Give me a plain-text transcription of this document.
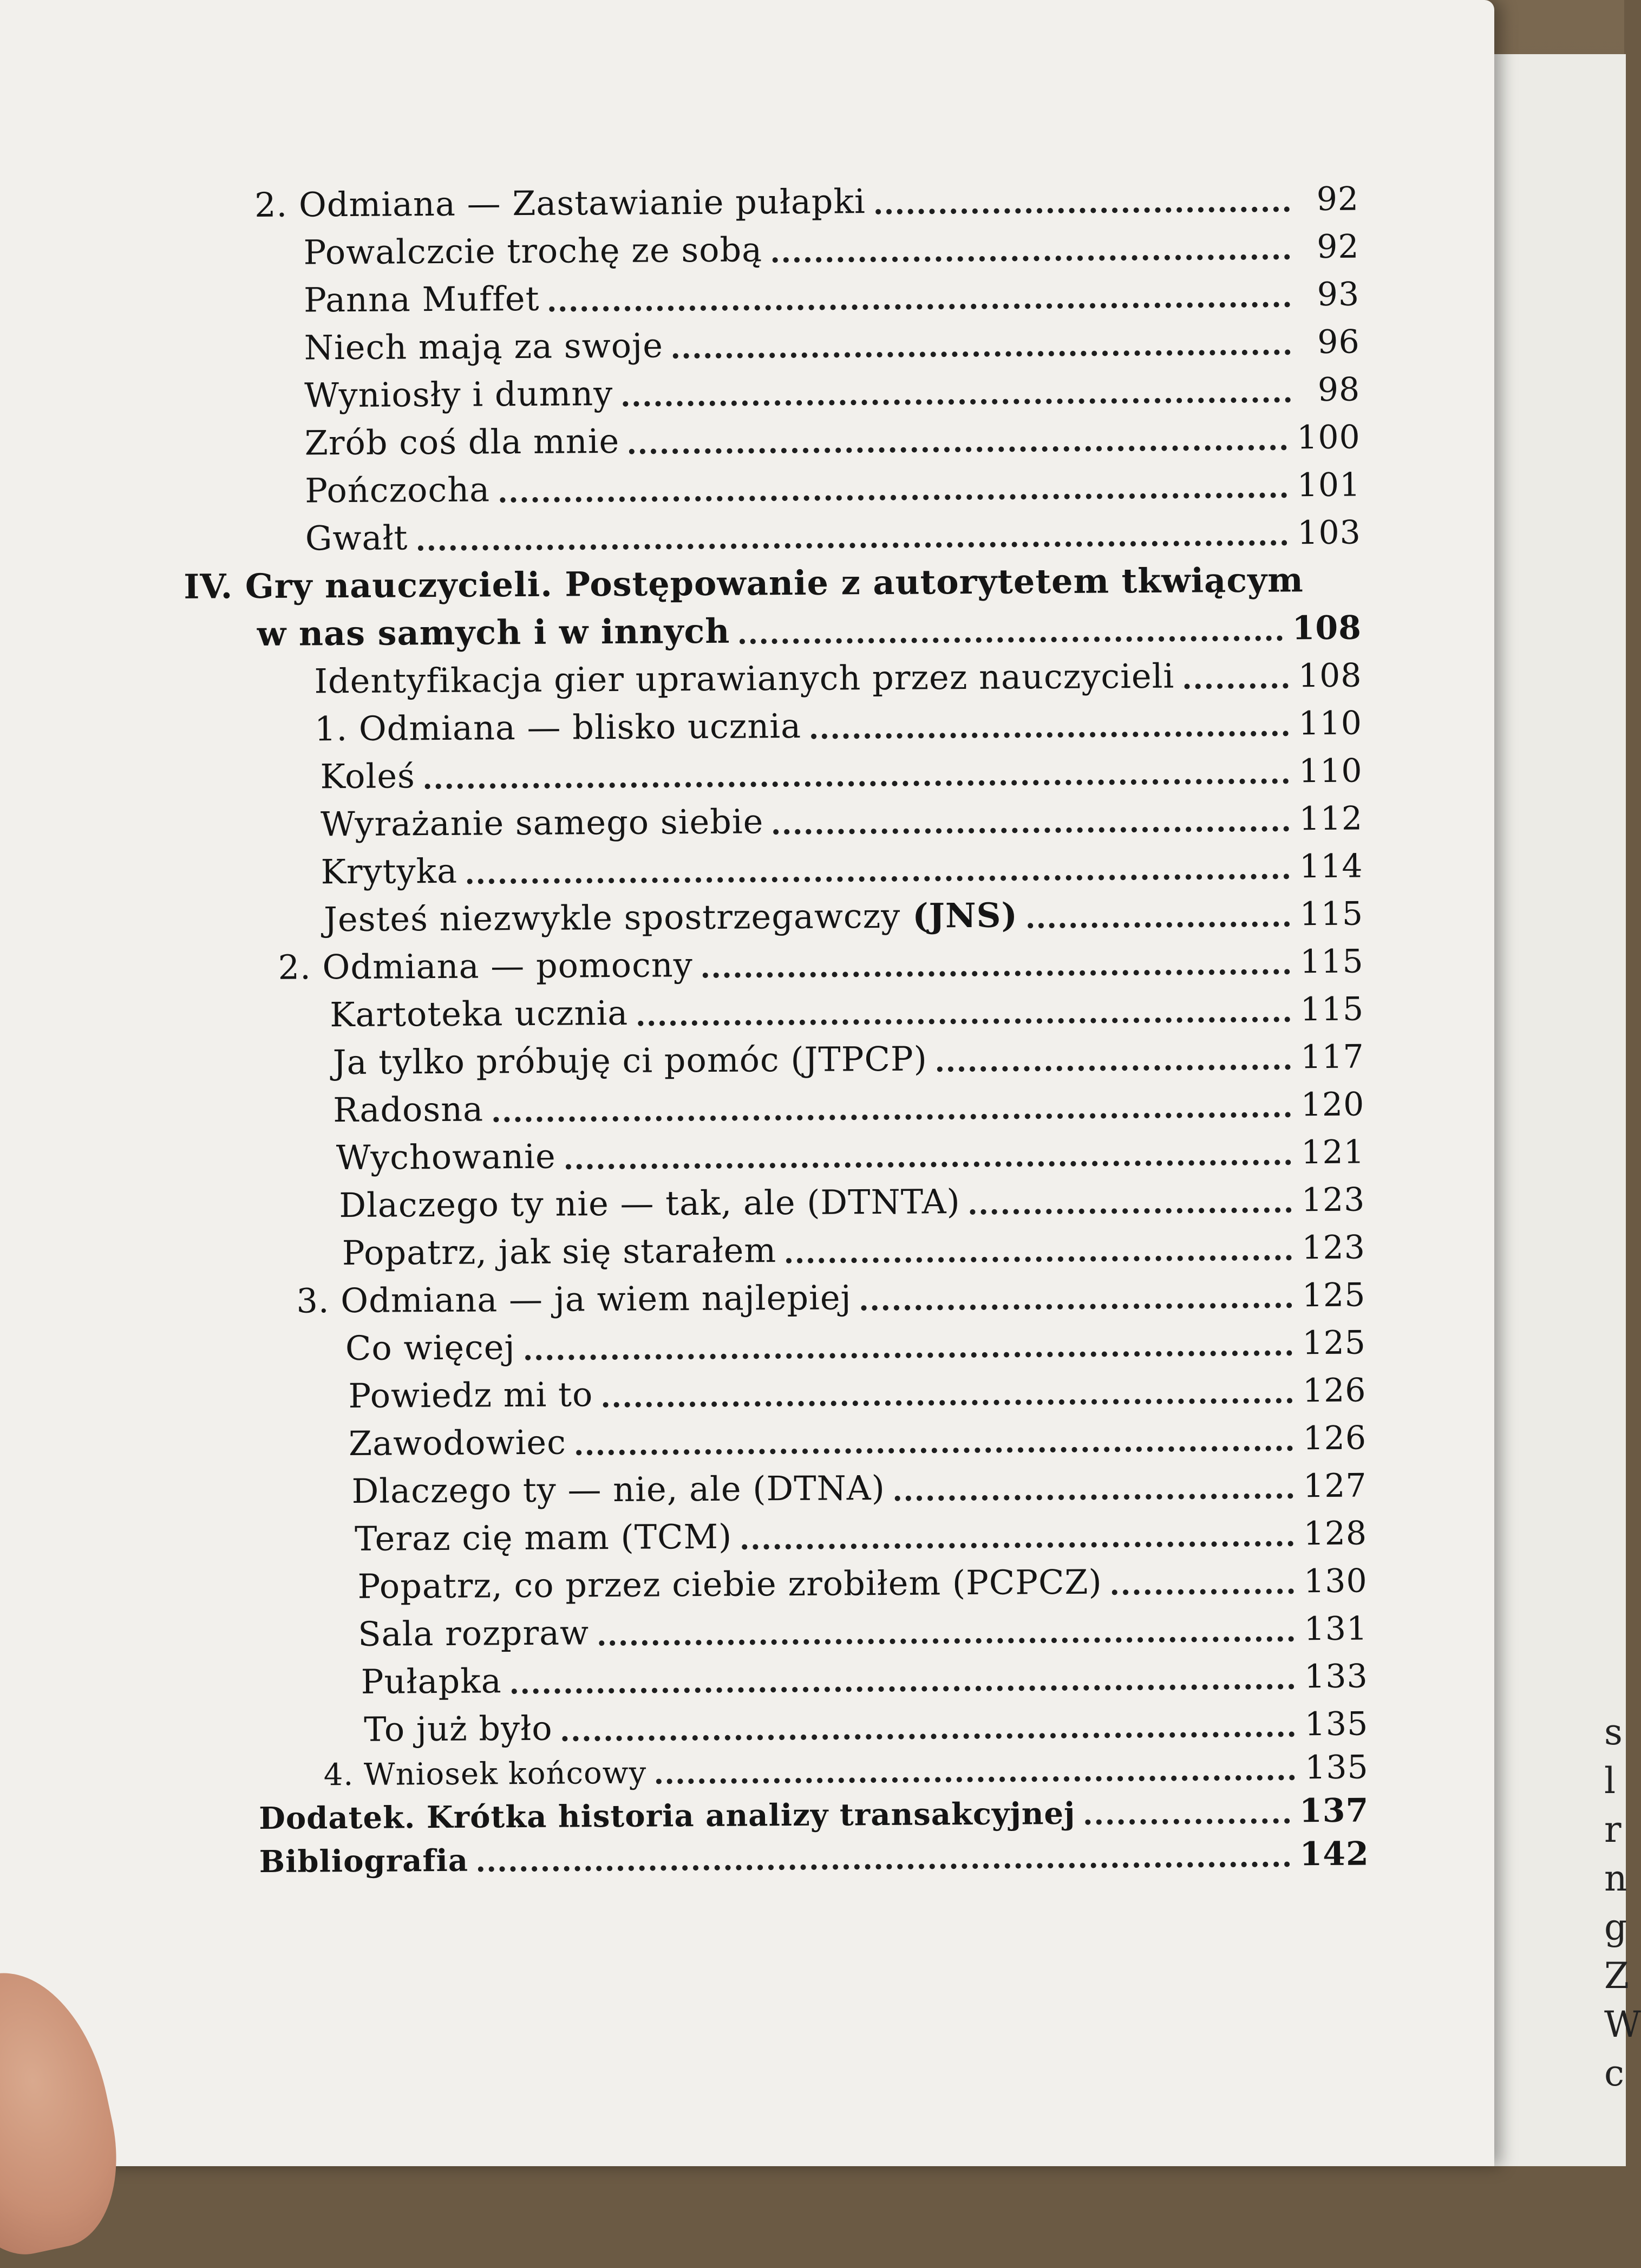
s
l
r
n
g
Z
W
c
2. Odmiana — Zastawianie pułapki	92
Powalczcie trochę ze sobą	92
Panna Muffet	93
Niech mają za swoje	96
Wyniosły i dumny	98
Zrób coś dla mnie	100
Pończocha	101
Gwałt	103
IV. Gry nauczycieli. Postępowanie z autorytetem tkwiącym
w nas samych i w innych	108
Identyfikacja gier uprawianych przez nauczycieli	108
1. Odmiana — blisko ucznia	110
Koleś	110
Wyrażanie samego siebie	112
Krytyka	114
Jesteś niezwykle spostrzegawczy (JNS)	115
2. Odmiana — pomocny	115
Kartoteka ucznia	115
Ja tylko próbuję ci pomóc (JTPCP)	117
Radosna	120
Wychowanie	121
Dlaczego ty nie — tak, ale (DTNTA)	123
Popatrz, jak się starałem	123
3. Odmiana — ja wiem najlepiej	125
Co więcej	125
Powiedz mi to	126
Zawodowiec	126
Dlaczego ty — nie, ale (DTNA)	127
Teraz cię mam (TCM)	128
Popatrz, co przez ciebie zrobiłem (PCPCZ)	130
Sala rozpraw	131
Pułapka	133
To już było	135
4. Wniosek końcowy	135
Dodatek. Krótka historia analizy transakcyjnej	137
Bibliografia	142
